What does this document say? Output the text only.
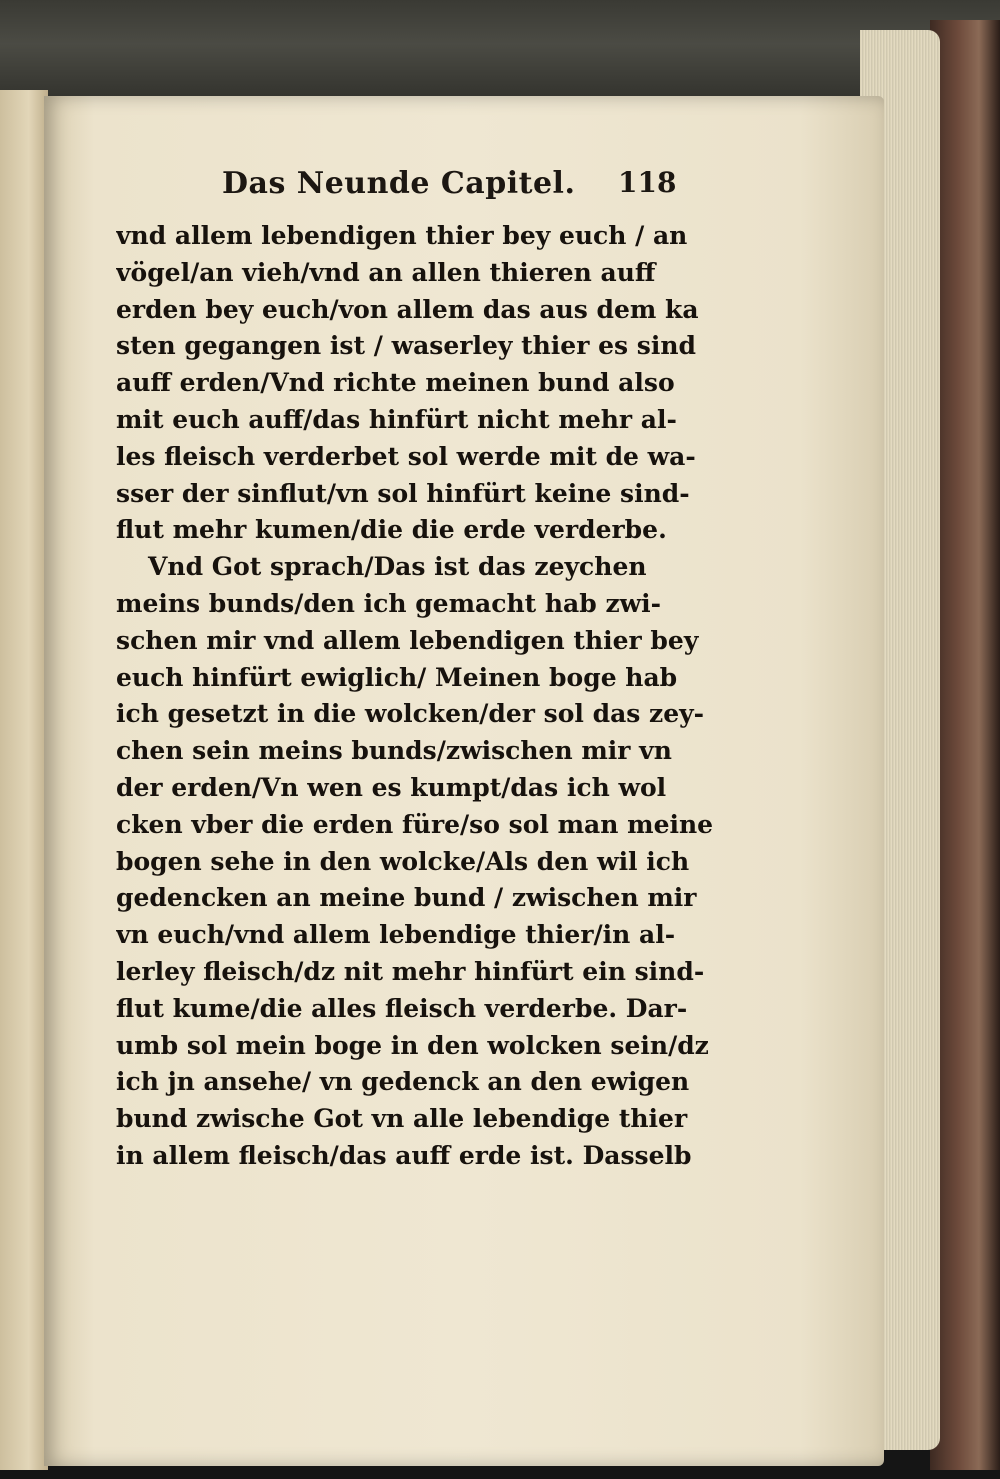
Das Neunde Capitel. 118
vnd allem lebendigen thier bey euch / an
vögel/an vieh/vnd an allen thieren auff
erden bey euch/von allem das aus dem ka
sten gegangen ist / waserley thier es sind
auff erden/Vnd richte meinen bund also
mit euch auff/das hinfürt nicht mehr al-
les fleisch verderbet sol werde mit de wa-
sser der sinflut/vn sol hinfürt keine sind-
flut mehr kumen/die die erde verderbe.
Vnd Got sprach/Das ist das zeychen
meins bunds/den ich gemacht hab zwi-
schen mir vnd allem lebendigen thier bey
euch hinfürt ewiglich/ Meinen boge hab
ich gesetzt in die wolcken/der sol das zey-
chen sein meins bunds/zwischen mir vn
der erden/Vn wen es kumpt/das ich wol
cken vber die erden füre/so sol man meine
bogen sehe in den wolcke/Als den wil ich
gedencken an meine bund / zwischen mir
vn euch/vnd allem lebendige thier/in al-
lerley fleisch/dz nit mehr hinfürt ein sind-
flut kume/die alles fleisch verderbe. Dar-
umb sol mein boge in den wolcken sein/dz
ich jn ansehe/ vn gedenck an den ewigen
bund zwische Got vn alle lebendige thier
in allem fleisch/das auff erde ist. Dasselb
